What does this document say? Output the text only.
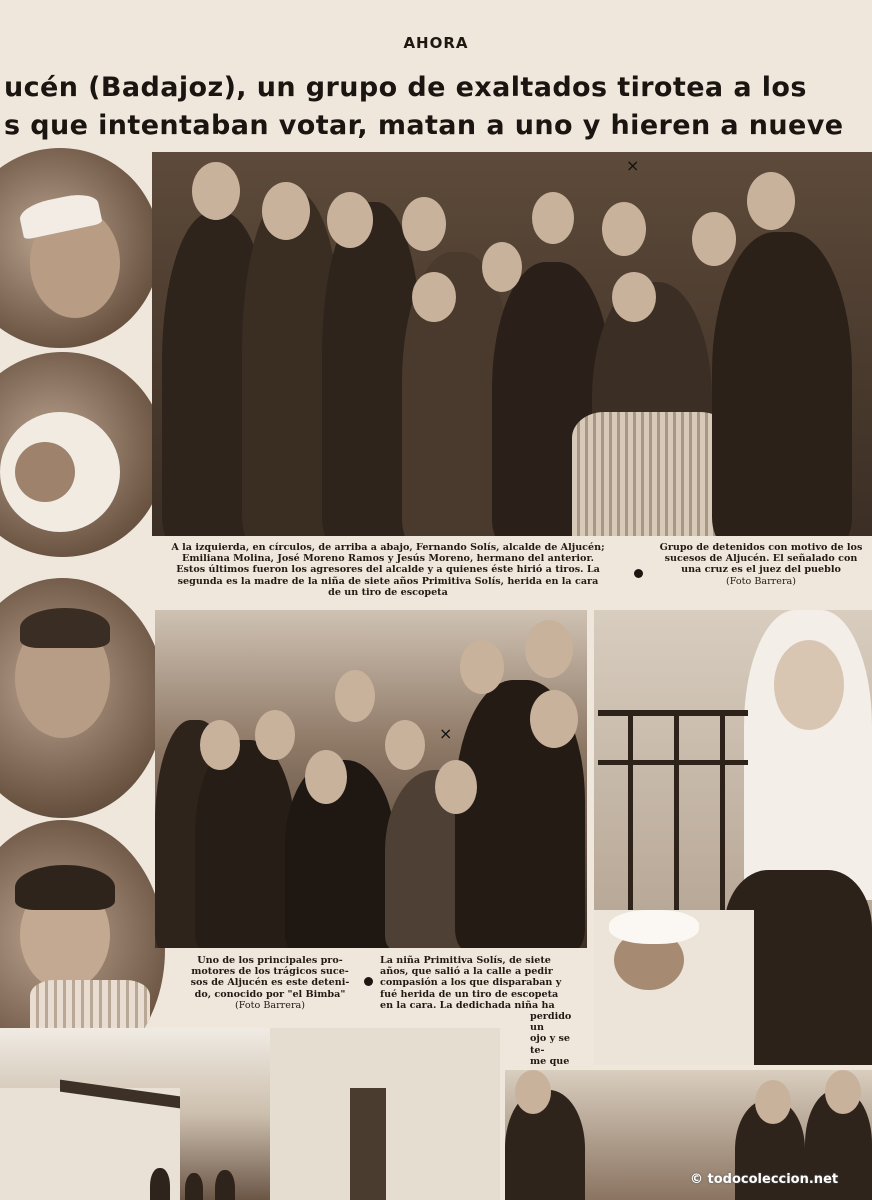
AHORA
ucén (Badajoz), un grupo de exaltados tirotea a los
s que intentaban votar, matan a uno y hieren a nueve
×

A la izquierda, en círculos, de arriba a abajo, Fernando Solís, alcalde de Aljucén;

Emiliana Molina, José Moreno Ramos y Jesús Moreno, hermano del anterior.

Estos últimos fueron los agresores del alcalde y a quienes éste hirió a tiros. La

segunda es la madre de la niña de siete años Primitiva Solís, herida en la cara

de un tiro de escopeta

Grupo de detenidos con motivo de los

sucesos de Aljucén. El señalado con

una cruz es el juez del pueblo

(Foto Barrera)

×

Uno de los principales pro-

motores de los trágicos suce-

sos de Aljucén es este deteni-

do, conocido por "el Bimba"

(Foto Barrera)

La niña Primitiva Solís, de siete

años, que salió a la calle a pedir

compasión a los que disparaban y

fué herida de un tiro de escopeta

en la cara. La dedichada niña ha

perdido un

ojo y se te-

me que

© todocoleccion.net
